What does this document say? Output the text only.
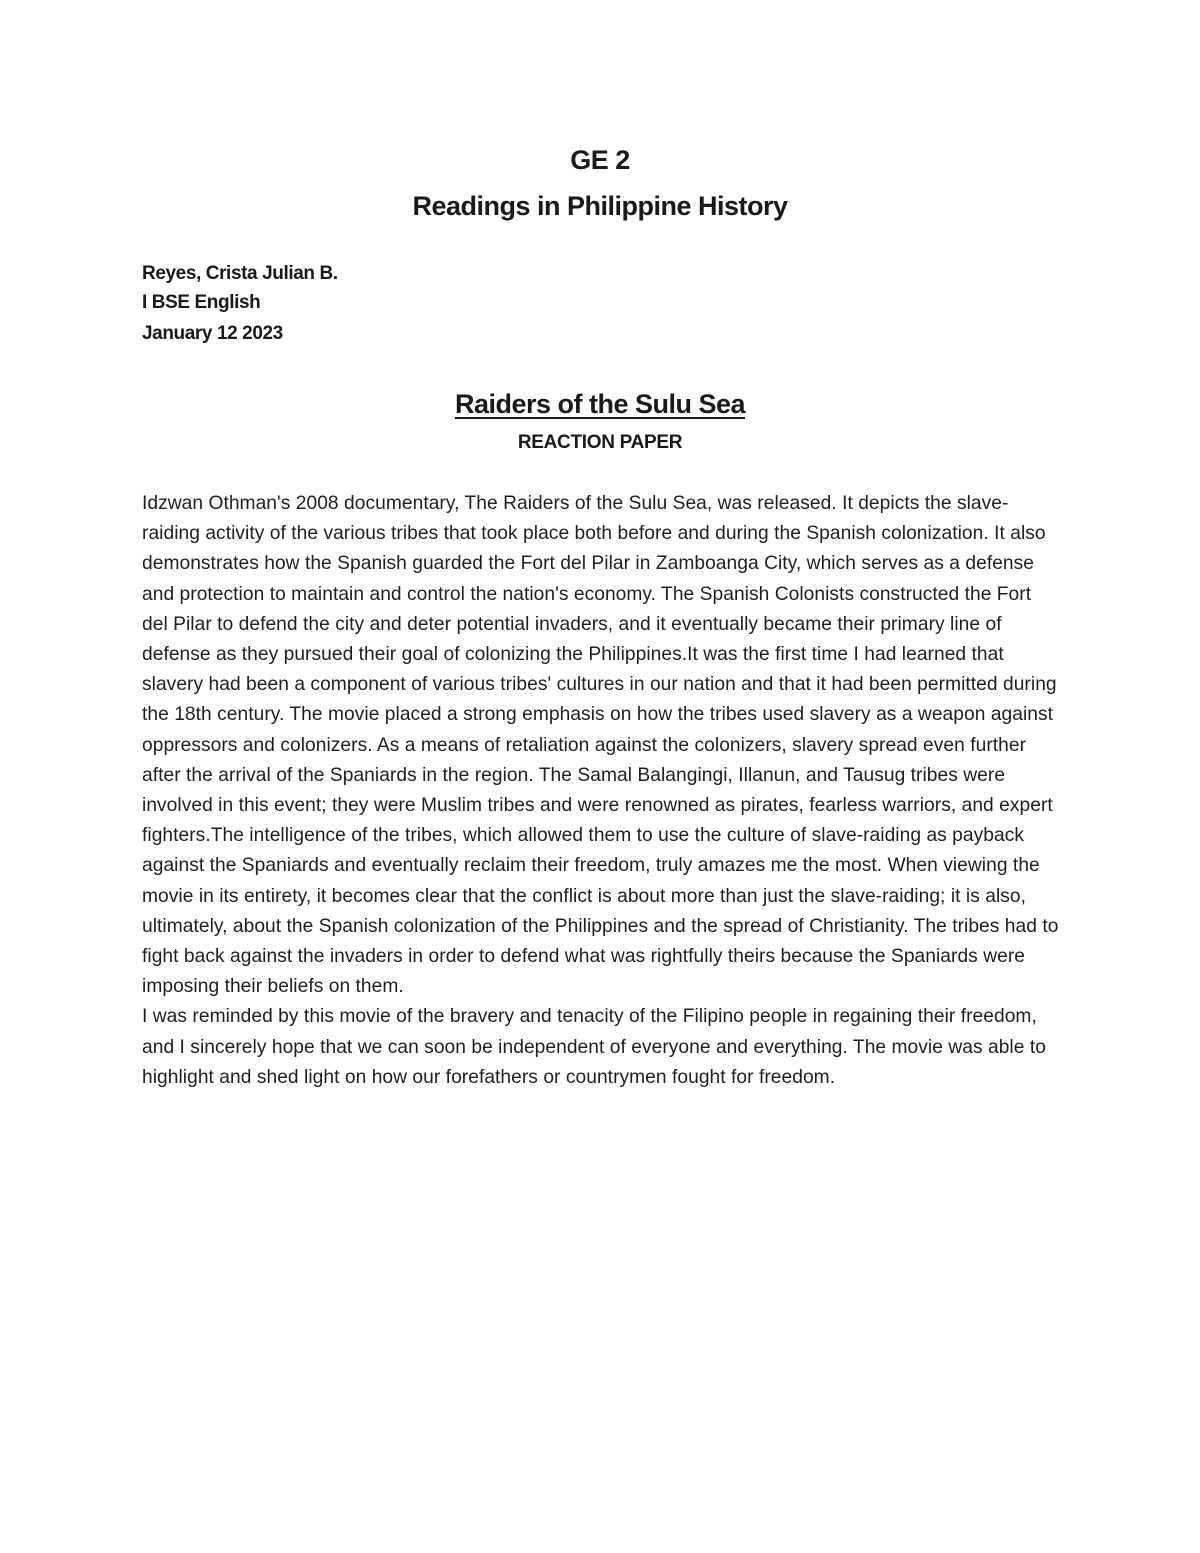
GE 2
Readings in Philippine History
Reyes, Crista Julian B.
I BSE English
January 12 2023
Raiders of the Sulu Sea
REACTION PAPER

Idzwan Othman's 2008 documentary, The Raiders of the Sulu Sea, was released. It depicts the slave-raiding activity of the various tribes that took place both before and during the Spanish colonization. It also demonstrates how the Spanish guarded the Fort del Pilar in Zamboanga City, which serves as a defense and protection to maintain and control the nation's economy. The Spanish Colonists constructed the Fort del Pilar to defend the city and deter potential invaders, and it eventually became their primary line of defense as they pursued their goal of colonizing the Philippines.It was the first time I had learned that slavery had been a component of various tribes' cultures in our nation and that it had been permitted during the 18th century. The movie placed a strong emphasis on how the tribes used slavery as a weapon against oppressors and colonizers. As a means of retaliation against the colonizers, slavery spread even further after the arrival of the Spaniards in the region. The Samal Balangingi, Illanun, and Tausug tribes were involved in this event; they were Muslim tribes and were renowned as pirates, fearless warriors, and expert fighters.The intelligence of the tribes, which allowed them to use the culture of slave-raiding as payback against the Spaniards and eventually reclaim their freedom, truly amazes me the most. When viewing the movie in its entirety, it becomes clear that the conflict is about more than just the slave-raiding; it is also, ultimately, about the Spanish colonization of the Philippines and the spread of Christianity. The tribes had to fight back against the invaders in order to defend what was rightfully theirs because the Spaniards were imposing their beliefs on them.

I was reminded by this movie of the bravery and tenacity of the Filipino people in regaining their freedom, and I sincerely hope that we can soon be independent of everyone and everything. The movie was able to highlight and shed light on how our forefathers or countrymen fought for freedom.
